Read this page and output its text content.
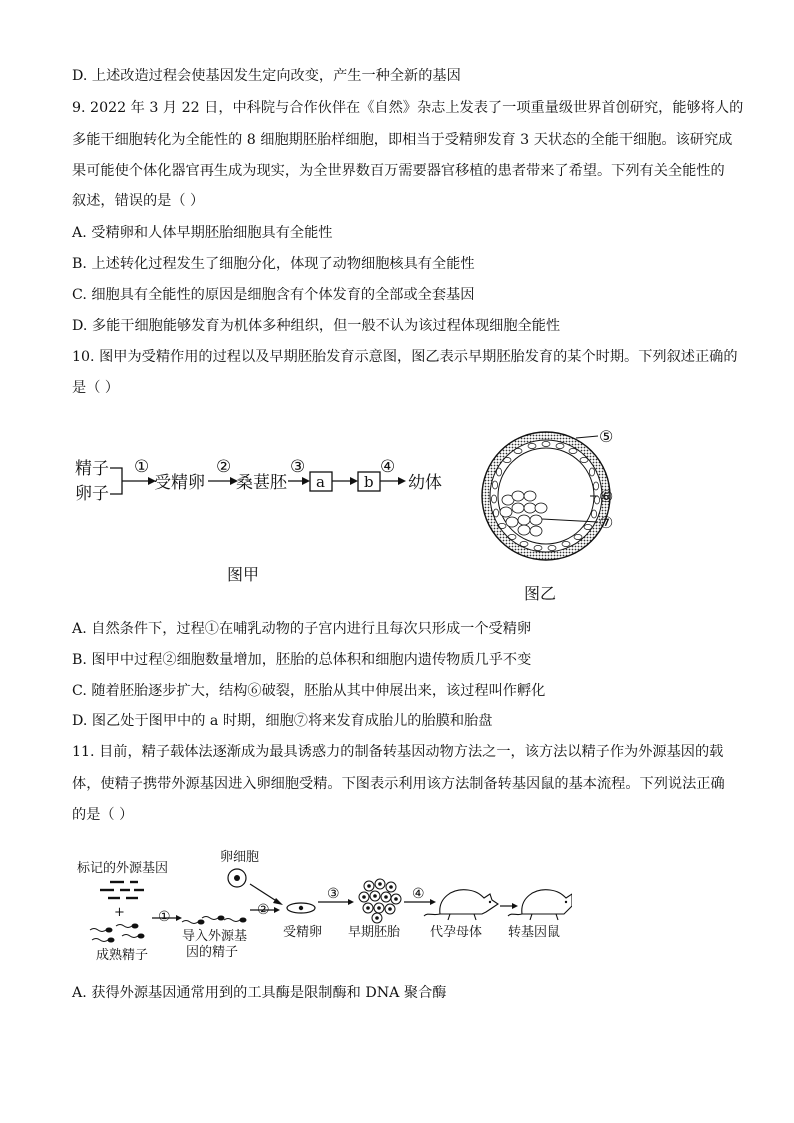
D. 上述改造过程会使基因发生定向改变，产生一种全新的基因
9. 2022 年 3 月 22 日，中科院与合作伙伴在《自然》杂志上发表了一项重量级世界首创研究，能够将人的
多能干细胞转化为全能性的 8 细胞期胚胎样细胞，即相当于受精卵发育 3 天状态的全能干细胞。该研究成
果可能使个体化器官再生成为现实，为全世界数百万需要器官移植的患者带来了希望。下列有关全能性的
叙述，错误的是（ ）
A. 受精卵和人体早期胚胎细胞具有全能性
B. 上述转化过程发生了细胞分化，体现了动物细胞核具有全能性
C. 细胞具有全能性的原因是细胞含有个体发育的全部或全套基因
D. 多能干细胞能够发育为机体多种组织，但一般不认为该过程体现细胞全能性
10. 图甲为受精作用的过程以及早期胚胎发育示意图，图乙表示早期胚胎发育的某个时期。下列叙述正确的
是（ ）
精子
卵子
①
受精卵
②
桑葚胚
③
a	b
④
幼体
图甲
⑤
⑥
⑦
图乙
A. 自然条件下，过程①在哺乳动物的子宫内进行且每次只形成一个受精卵
B. 图甲中过程②细胞数量增加，胚胎的总体积和细胞内遗传物质几乎不变
C. 随着胚胎逐步扩大，结构⑥破裂，胚胎从其中伸展出来，该过程叫作孵化
D. 图乙处于图甲中的 a 时期，细胞⑦将来发育成胎儿的胎膜和胎盘
11. 目前，精子载体法逐渐成为最具诱惑力的制备转基因动物方法之一，该方法以精子作为外源基因的载
体，使精子携带外源基因进入卵细胞受精。下图表示利用该方法制备转基因鼠的基本流程。下列说法正确
的是（ ）
标记的外源基因
+
成熟精子
①
导入外源基
因的精子
卵细胞
②
受精卵
③
早期胚胎
④
代孕母体 转基因鼠
A. 获得外源基因通常用到的工具酶是限制酶和 DNA 聚合酶
